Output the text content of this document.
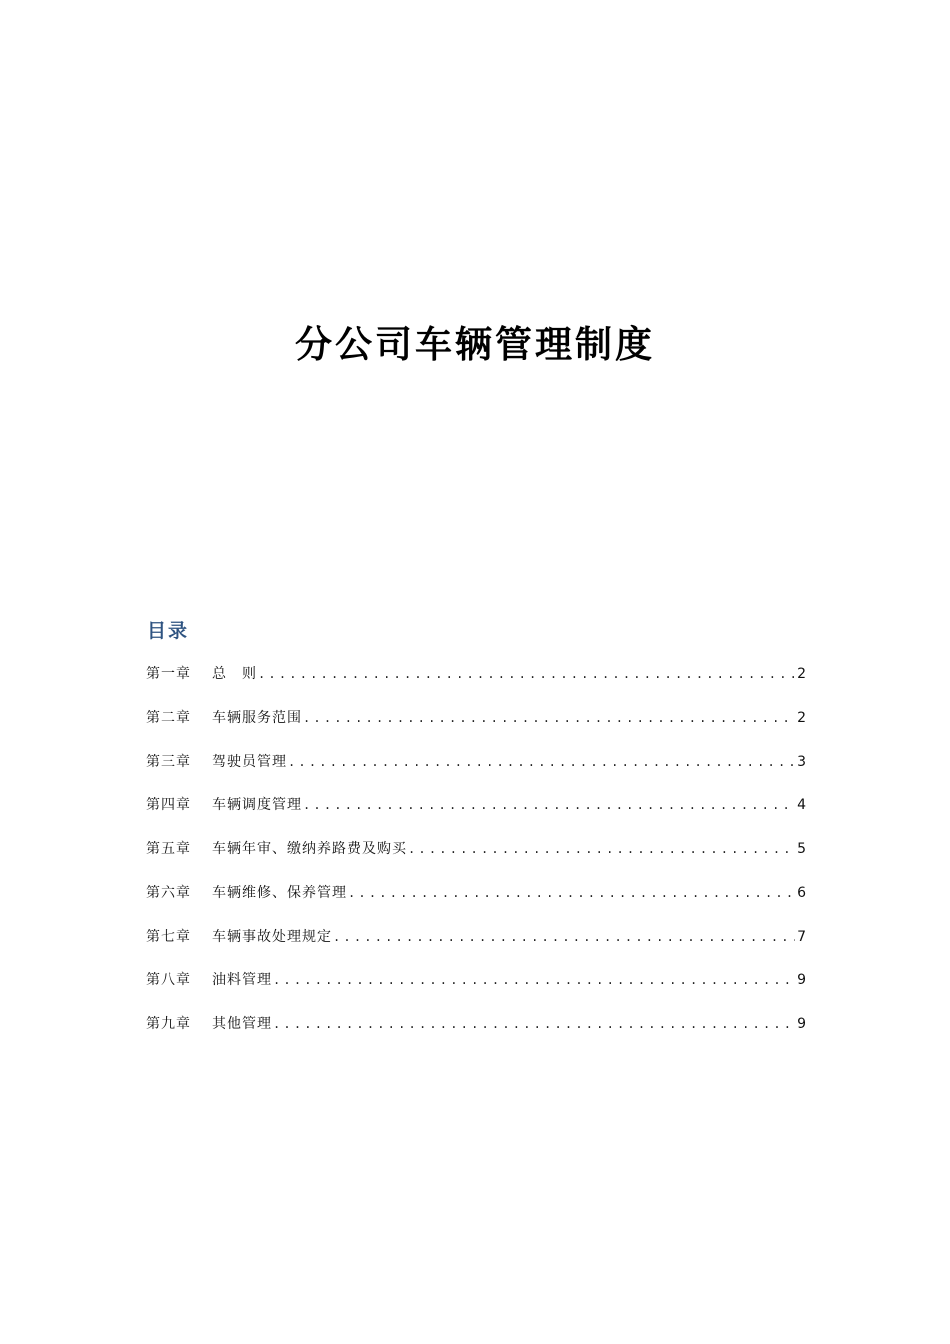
分公司车辆管理制度
目录
第一章	总　则 .....	2
第二章	车辆服务范围 .....	2
第三章	驾驶员管理 .....	3
第四章	车辆调度管理 .....	4
第五章	车辆年审、缴纳养路费及购买 .....	5
第六章	车辆维修、保养管理 .....	6
第七章	车辆事故处理规定 .....	7
第八章	油料管理 .....	9
第九章	其他管理 .....	9
